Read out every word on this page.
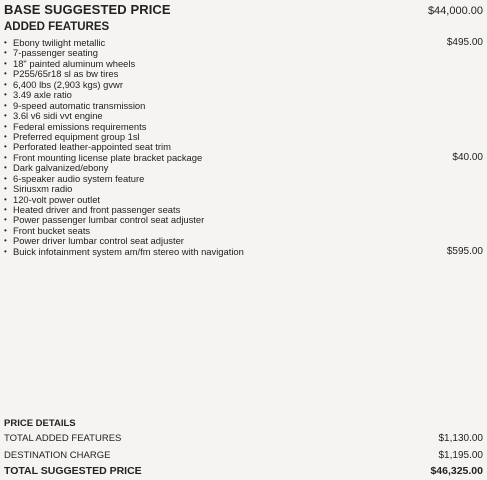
BASE SUGGESTED PRICE	$44,000.00
ADDED FEATURES
• Ebony twilight metallic	$495.00
• 7-passenger seating
• 18" painted aluminum wheels
• P255/65r18 sl as bw tires
• 6,400 lbs (2,903 kgs) gvwr
• 3.49 axle ratio
• 9-speed automatic transmission
• 3.6l v6 sidi vvt engine
• Federal emissions requirements
• Preferred equipment group 1sl
• Perforated leather-appointed seat trim
• Front mounting license plate bracket package	$40.00
• Dark galvanized/ebony
• 6-speaker audio system feature
• Siriusxm radio
• 120-volt power outlet
• Heated driver and front passenger seats
• Power passenger lumbar control seat adjuster
• Front bucket seats
• Power driver lumbar control seat adjuster
• Buick infotainment system am/fm stereo with navigation	$595.00
PRICE DETAILS
TOTAL ADDED FEATURES	$1,130.00
DESTINATION CHARGE	$1,195.00
TOTAL SUGGESTED PRICE	$46,325.00
